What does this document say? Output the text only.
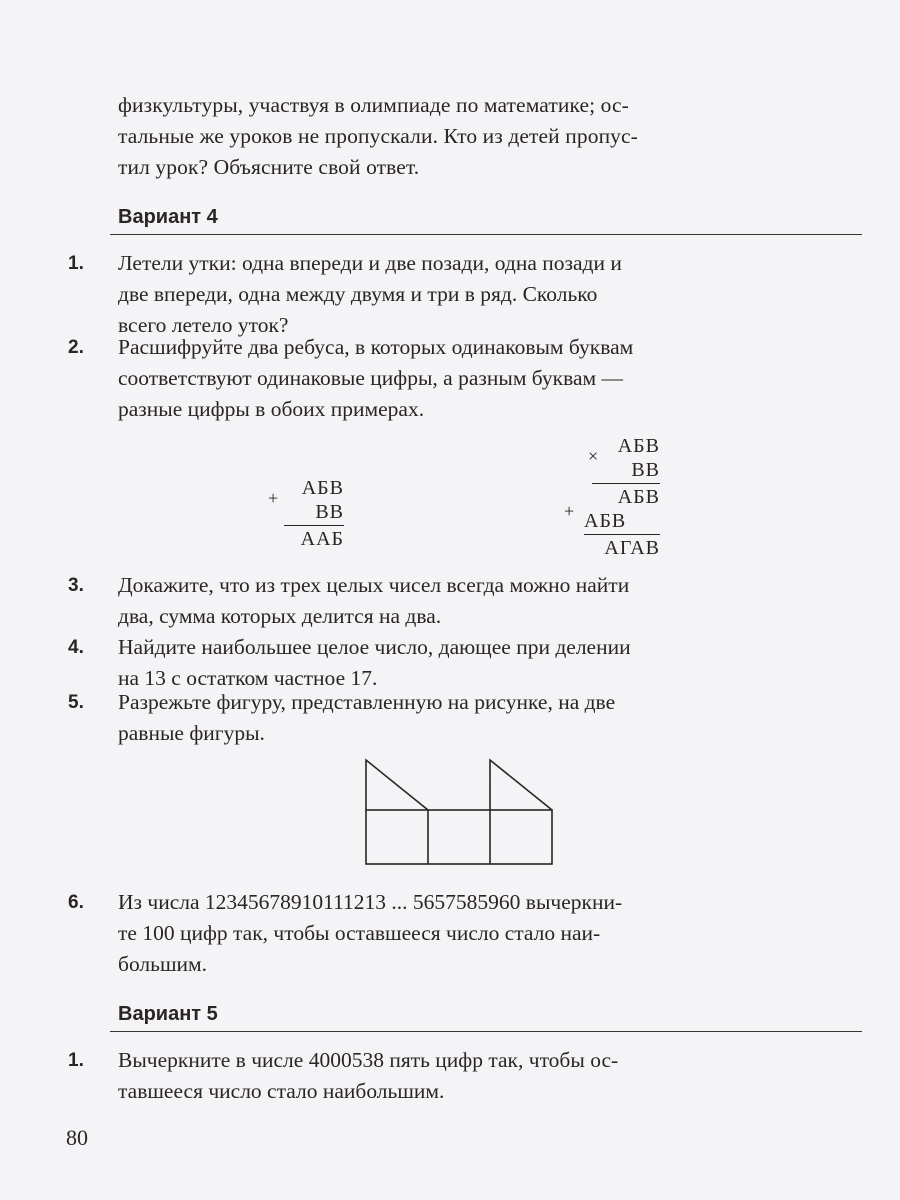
физкультуры, участвуя в олимпиаде по математике; ос-
тальные же уроков не пропускали. Кто из детей пропус-
тил урок? Объясните свой ответ.
Вариант 4
1.	Летели утки: одна впереди и две позади, одна позади и
две впереди, одна между двумя и три в ряд. Сколько
всего летело уток?
2.	Расшифруйте два ребуса, в которых одинаковым буквам
соответствуют одинаковые цифры, а разным буквам —
разные цифры в обоих примерах.
+ АБВ
ВВ
ААБ
× АБВ
ВВ
+
АБВ
АБВ
АГАВ
3.	Докажите, что из трех целых чисел всегда можно найти
два, сумма которых делится на два.
4.	Найдите наибольшее целое число, дающее при делении
на 13 с остатком частное 17.
5.	Разрежьте фигуру, представленную на рисунке, на две
равные фигуры.
6.	Из числа 12345678910111213 ... 5657585960 вычеркни-
те 100 цифр так, чтобы оставшееся число стало наи-
большим.
Вариант 5
1.	Вычеркните в числе 4000538 пять цифр так, чтобы ос-
тавшееся число стало наибольшим.
80
